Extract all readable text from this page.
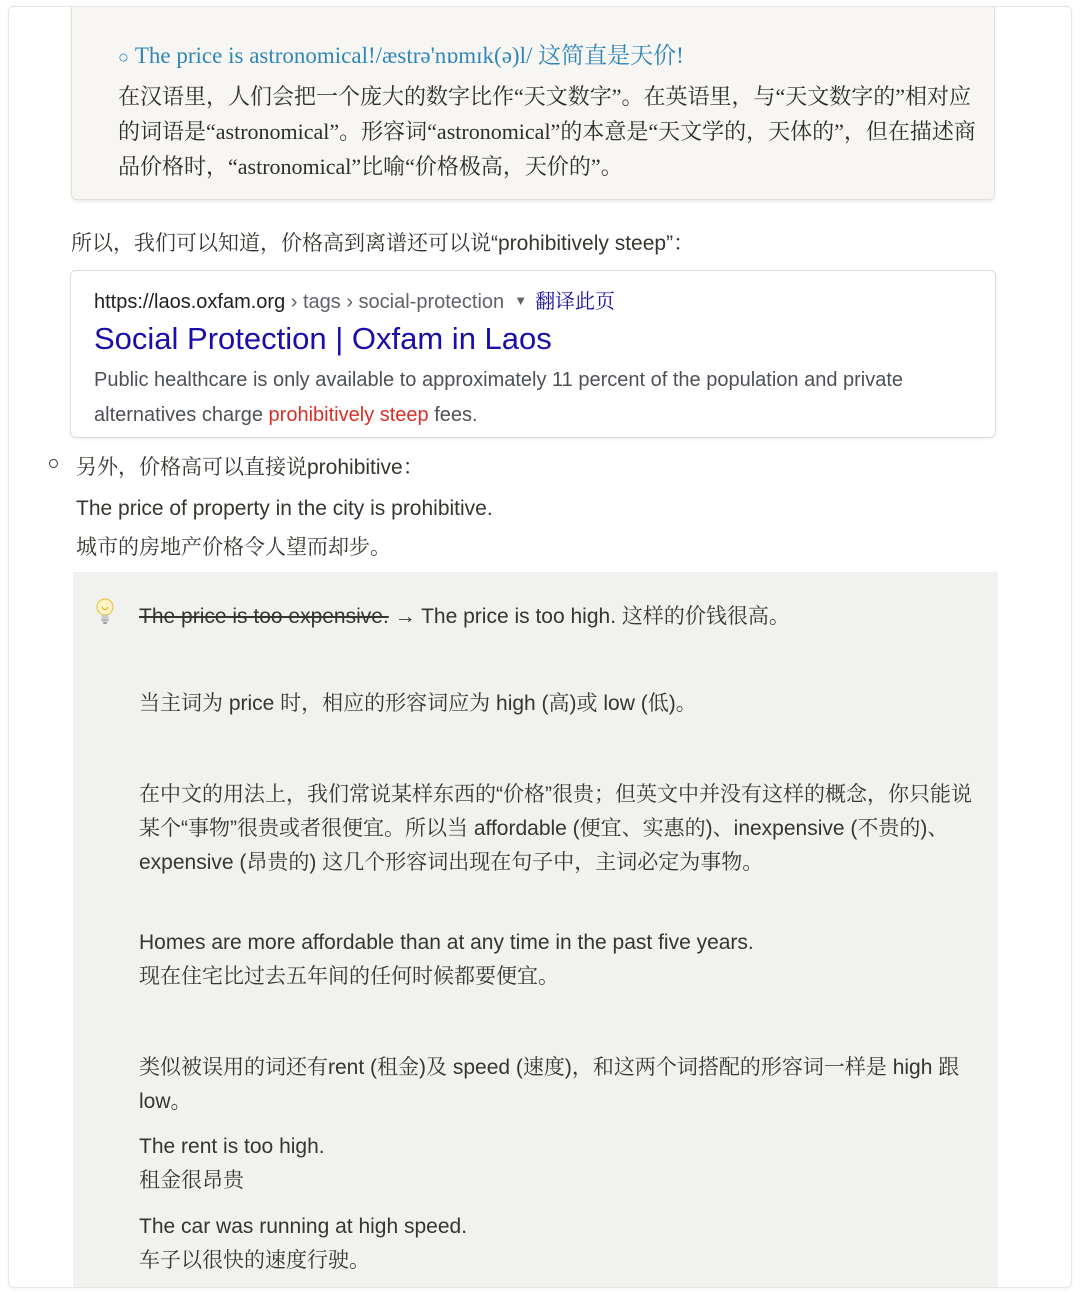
○ The price is astronomical!/æstrə'nɒmɪk(ə)l/ 这简直是天价!
在汉语里，人们会把一个庞大的数字比作“天文数字”。在英语里，与“天文数字的”相对应的词语是“astronomical”。形容词“astronomical”的本意是“天文学的，天体的”，但在描述商品价格时，“astronomical”比喻“价格极高，天价的”。
所以，我们可以知道，价格高到离谱还可以说“prohibitively steep”：
https://laos.oxfam.org › tags › social-protection ▼ 翻译此页
Social Protection | Oxfam in Laos
Public healthcare is only available to approximately 11 percent of the population and private alternatives charge prohibitively steep fees.
另外，价格高可以直接说prohibitive：
The price of property in the city is prohibitive.
城市的房地产价格令人望而却步。
The price is too expensive. → The price is too high. 这样的价钱很高。
当主词为 price 时，相应的形容词应为 high (高)或 low (低)。
在中文的用法上，我们常说某样东西的“价格”很贵；但英文中并没有这样的概念，你只能说某个“事物”很贵或者很便宜。所以当 affordable (便宜、实惠的)、inexpensive (不贵的)、expensive (昂贵的) 这几个形容词出现在句子中，主词必定为事物。
Homes are more affordable than at any time in the past five years.
现在住宅比过去五年间的任何时候都要便宜。
类似被误用的词还有rent (租金)及 speed (速度)，和这两个词搭配的形容词一样是 high 跟 low。
The rent is too high.
租金很昂贵
The car was running at high speed.
车子以很快的速度行驶。
